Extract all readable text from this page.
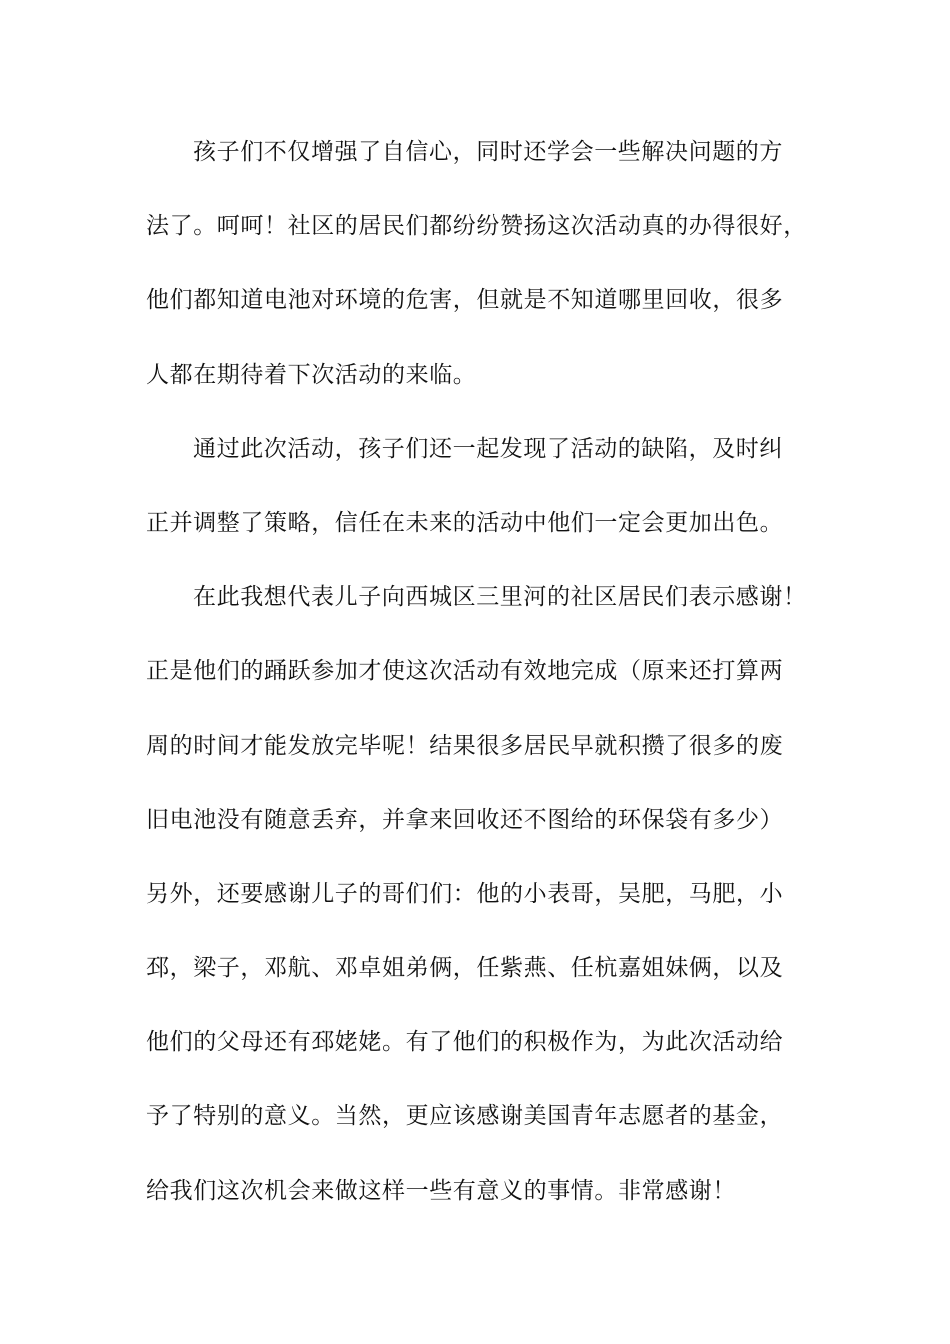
孩子们不仅增强了自信心，同时还学会一些解决问题的方
法了。呵呵！社区的居民们都纷纷赞扬这次活动真的办得很好，
他们都知道电池对环境的危害，但就是不知道哪里回收，很多
人都在期待着下次活动的来临。
通过此次活动，孩子们还一起发现了活动的缺陷，及时纠
正并调整了策略，信任在未来的活动中他们一定会更加出色。
在此我想代表儿子向西城区三里河的社区居民们表示感谢！
正是他们的踊跃参加才使这次活动有效地完成（原来还打算两
周的时间才能发放完毕呢！结果很多居民早就积攒了很多的废
旧电池没有随意丢弃，并拿来回收还不图给的环保袋有多少）
另外，还要感谢儿子的哥们们：他的小表哥，吴肥，马肥，小
邳，梁子，邓航、邓卓姐弟俩，任紫燕、任杭嘉姐妹俩，以及
他们的父母还有邳姥姥。有了他们的积极作为，为此次活动给
予了特别的意义。当然，更应该感谢美国青年志愿者的基金，
给我们这次机会来做这样一些有意义的事情。非常感谢！
